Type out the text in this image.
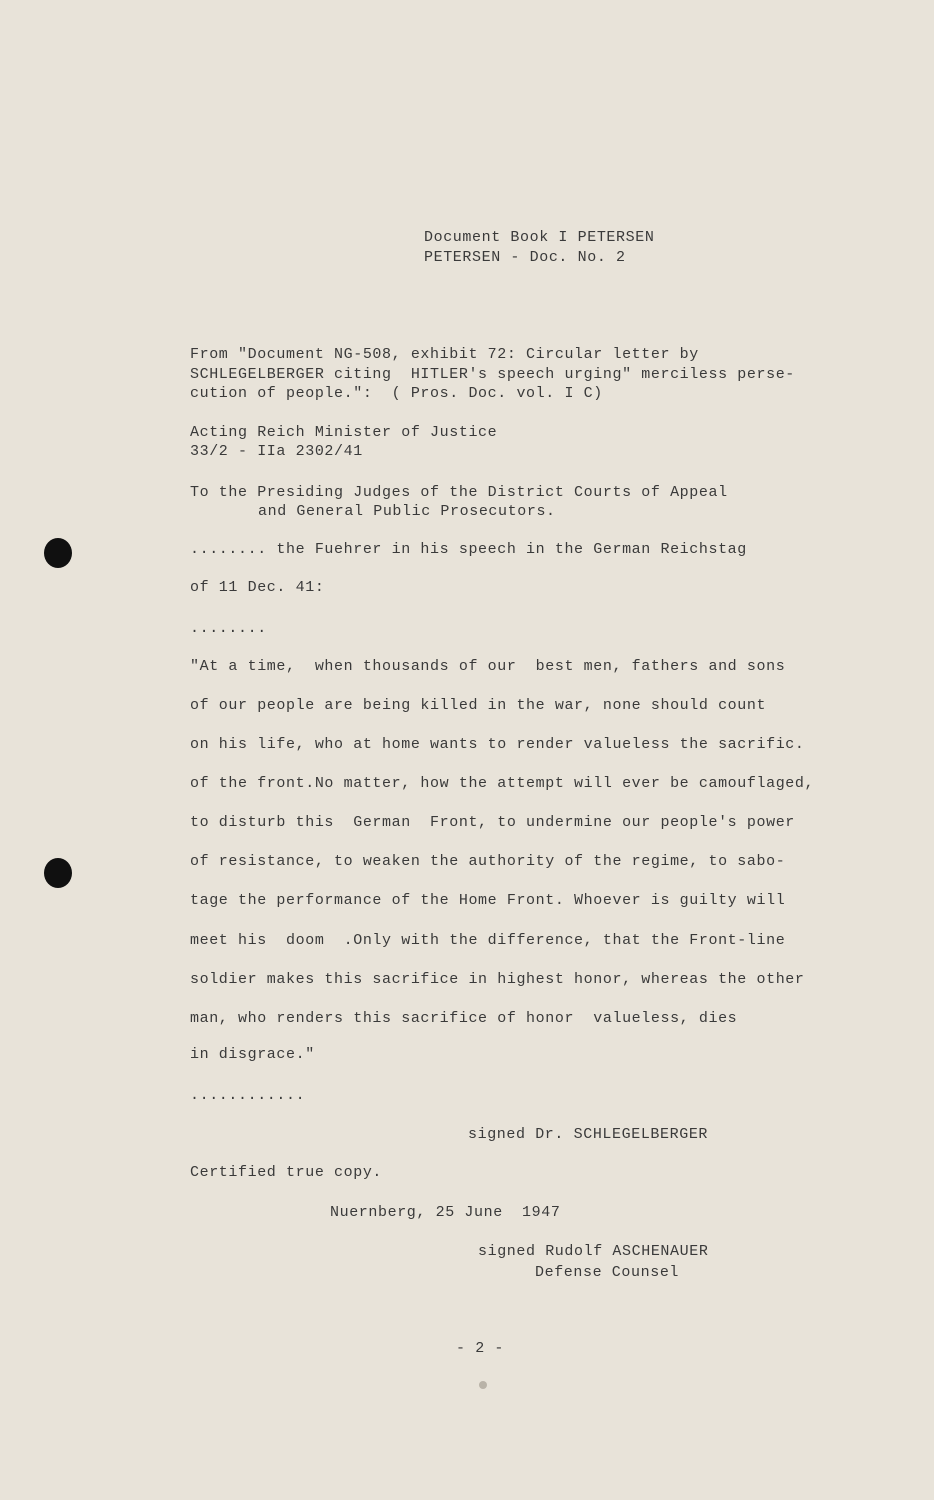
Document Book I PETERSEN
PETERSEN - Doc. No. 2
From "Document NG-508, exhibit 72: Circular letter by
SCHLEGELBERGER citing  HITLER's speech urging" merciless perse-
cution of people.":  ( Pros. Doc. vol. I C)
Acting Reich Minister of Justice
33/2 - IIa 2302/41
To the Presiding Judges of the District Courts of Appeal
and General Public Prosecutors.
........ the Fuehrer in his speech in the German Reichstag
of 11 Dec. 41:
........
"At a time,  when thousands of our  best men, fathers and sons
of our people are being killed in the war, none should count
on his life, who at home wants to render valueless the sacrific.
of the front.No matter, how the attempt will ever be camouflaged,
to disturb this  German  Front, to undermine our people's power
of resistance, to weaken the authority of the regime, to sabo-
tage the performance of the Home Front. Whoever is guilty will
meet his  doom  .Only with the difference, that the Front-line
soldier makes this sacrifice in highest honor, whereas the other
man, who renders this sacrifice of honor  valueless, dies
in disgrace."
............
signed Dr. SCHLEGELBERGER
Certified true copy.
Nuernberg, 25 June  1947
signed Rudolf ASCHENAUER
Defense Counsel
- 2 -
